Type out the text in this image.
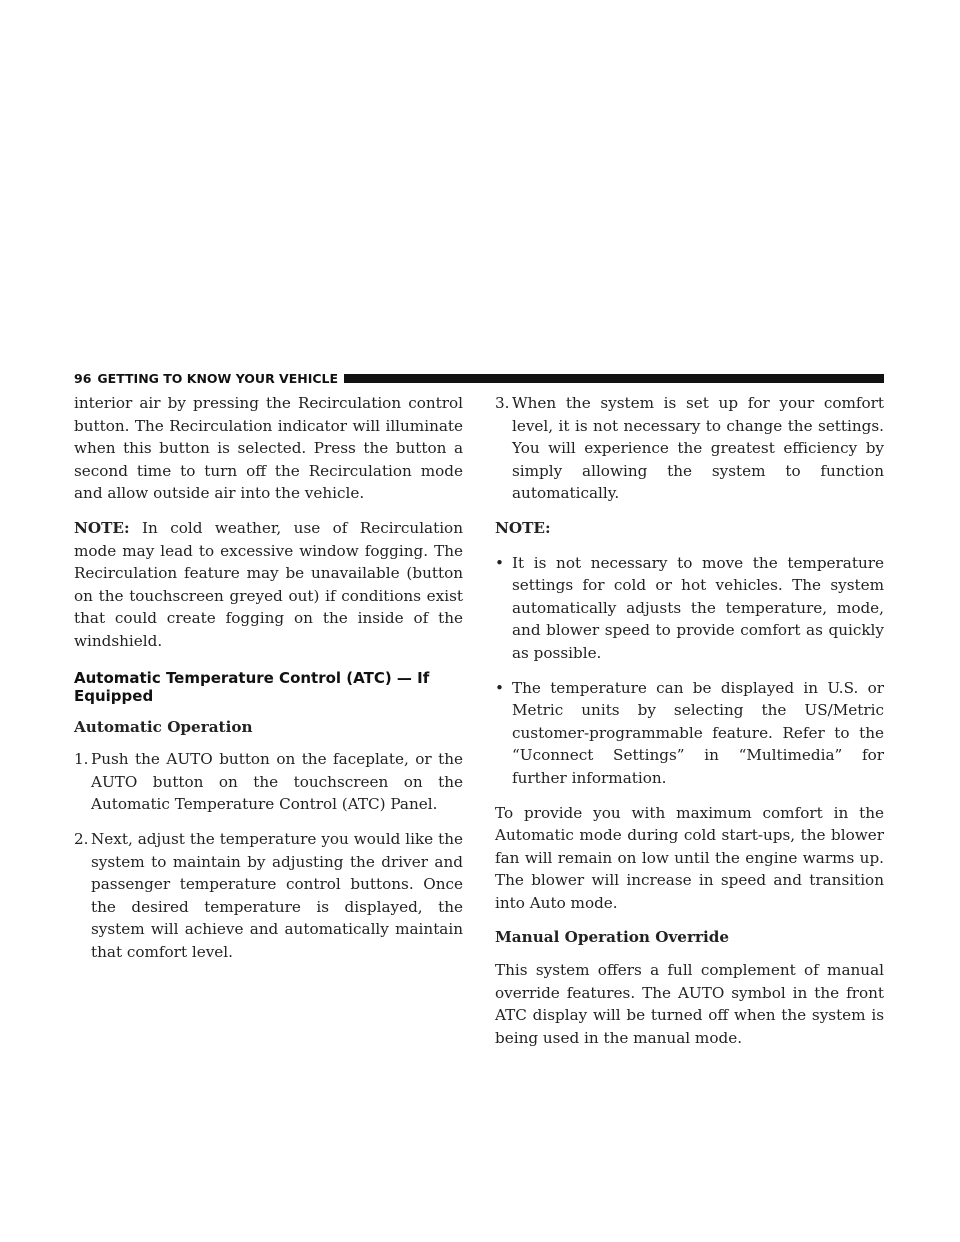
96 GETTING TO KNOW YOUR VEHICLE

interior air by pressing the Recirculation control button. The Recirculation indicator will illuminate when this button is selected. Press the button a second time to turn off the Recirculation mode and allow outside air into the vehicle.

NOTE: In cold weather, use of Recirculation mode may lead to excessive window fogging. The Recirculation feature may be unavailable (button on the touchscreen greyed out) if conditions exist that could create fogging on the inside of the windshield.

Automatic Temperature Control (ATC) — If Equipped
Automatic Operation
1. Push the AUTO button on the faceplate, or the AUTO button on the touchscreen on the Automatic Temperature Control (ATC) Panel.
2. Next, adjust the temperature you would like the system to maintain by adjusting the driver and passenger temperature control buttons. Once the desired temperature is displayed, the system will achieve and automatically maintain that comfort level.
3. When the system is set up for your comfort level, it is not necessary to change the settings. You will experience the greatest efficiency by simply allowing the system to function automatically.

NOTE:

• It is not necessary to move the temperature settings for cold or hot vehicles. The system automatically adjusts the temperature, mode, and blower speed to provide comfort as quickly as possible.
• The temperature can be displayed in U.S. or Metric units by selecting the US/Metric customer-programmable feature. Refer to the “Uconnect Settings” in “Multimedia” for further information.

To provide you with maximum comfort in the Automatic mode during cold start-ups, the blower fan will remain on low until the engine warms up. The blower will increase in speed and transition into Auto mode.

Manual Operation Override

This system offers a full complement of manual override features. The AUTO symbol in the front ATC display will be turned off when the system is being used in the manual mode.
